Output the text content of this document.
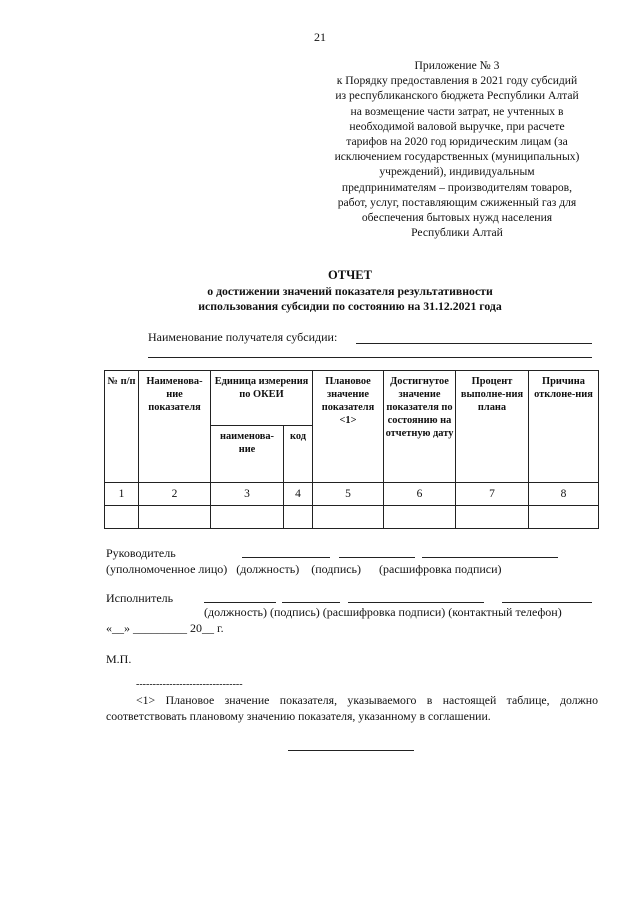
21
Приложение № 3
к Порядку предоставления в 2021 году субсидий
из республиканского бюджета Республики Алтай
на возмещение части затрат, не учтенных в
необходимой валовой выручке, при расчете
тарифов на 2020 год юридическим лицам (за
исключением государственных (муниципальных)
учреждений), индивидуальным
предпринимателям – производителям товаров,
работ, услуг, поставляющим сжиженный газ для
обеспечения бытовых нужд населения
Республики Алтай
ОТЧЕТ
о достижении значений показателя результативности
использования субсидии по состоянию на 31.12.2021 года
Наименование получателя субсидии:
№ п/п	Наименова-ние показателя	Единица измерения по ОКЕИ		Плановое значение показателя <1>	Достигнутое значение показателя по состоянию на отчетную дату	Процент выполне-ния плана	Причина отклоне-ния
		наименова-ние	код				
1	2	3	4	5	6	7	8

Руководитель
(уполномоченное лицо)   (должность)    (подпись)      (расшифровка подписи)
Исполнитель
(должность) (подпись) (расшифровка подписи) (контактный телефон)
«__» _________ 20__ г.
М.П.
--------------------------------
<1> Плановое значение показателя, указываемого в настоящей таблице, должно соответствовать плановому значению показателя, указанному в соглашении.
